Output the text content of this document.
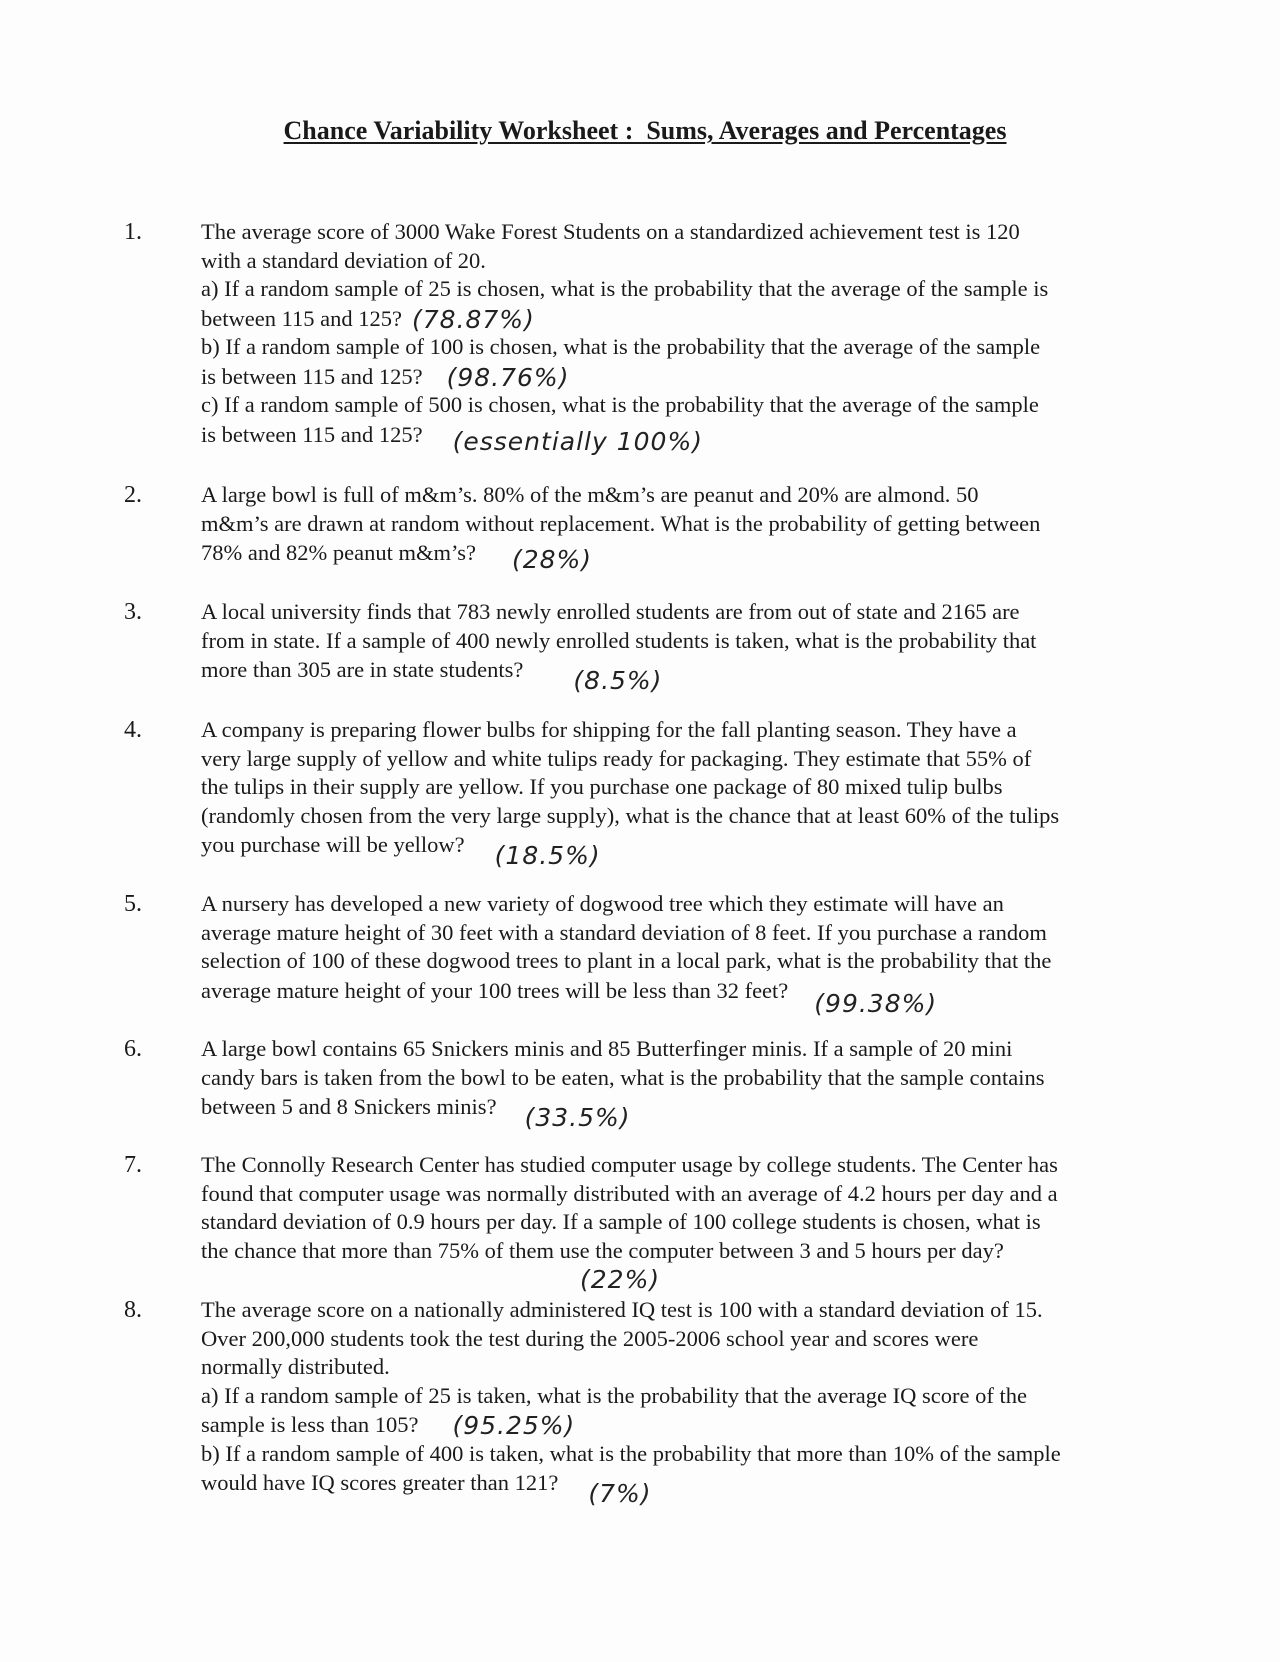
Chance Variability Worksheet :  Sums, Averages and Percentages
1.	The average score of 3000 Wake Forest Students on a standardized achievement test is 120
with a standard deviation of 20.
a) If a random sample of 25 is chosen, what is the probability that the average of the sample is
between 115 and 125? (78.87%)
b) If a random sample of 100 is chosen, what is the probability that the average of the sample
is between 115 and 125? (98.76%)
c) If a random sample of 500 is chosen, what is the probability that the average of the sample
is between 115 and 125? (essentially 100%)
2.	A large bowl is full of m&m’s. 80% of the m&m’s are peanut and 20% are almond. 50
m&m’s are drawn at random without replacement. What is the probability of getting between
78% and 82% peanut m&m’s? (28%)
3.	A local university finds that 783 newly enrolled students are from out of state and 2165 are
from in state. If a sample of 400 newly enrolled students is taken, what is the probability that
more than 305 are in state students? (8.5%)
4.	A company is preparing flower bulbs for shipping for the fall planting season. They have a
very large supply of yellow and white tulips ready for packaging. They estimate that 55% of
the tulips in their supply are yellow. If you purchase one package of 80 mixed tulip bulbs
(randomly chosen from the very large supply), what is the chance that at least 60% of the tulips
you purchase will be yellow? (18.5%)
5.	A nursery has developed a new variety of dogwood tree which they estimate will have an
average mature height of 30 feet with a standard deviation of 8 feet. If you purchase a random
selection of 100 of these dogwood trees to plant in a local park, what is the probability that the
average mature height of your 100 trees will be less than 32 feet? (99.38%)
6.	A large bowl contains 65 Snickers minis and 85 Butterfinger minis. If a sample of 20 mini
candy bars is taken from the bowl to be eaten, what is the probability that the sample contains
between 5 and 8 Snickers minis? (33.5%)
7.	The Connolly Research Center has studied computer usage by college students. The Center has
found that computer usage was normally distributed with an average of 4.2 hours per day and a
standard deviation of 0.9 hours per day. If a sample of 100 college students is chosen, what is
the chance that more than 75% of them use the computer between 3 and 5 hours per day?
(22%)
8.	The average score on a nationally administered IQ test is 100 with a standard deviation of 15.
Over 200,000 students took the test during the 2005-2006 school year and scores were
normally distributed.
a) If a random sample of 25 is taken, what is the probability that the average IQ score of the
sample is less than 105? (95.25%)
b) If a random sample of 400 is taken, what is the probability that more than 10% of the sample
would have IQ scores greater than 121? (7%)
